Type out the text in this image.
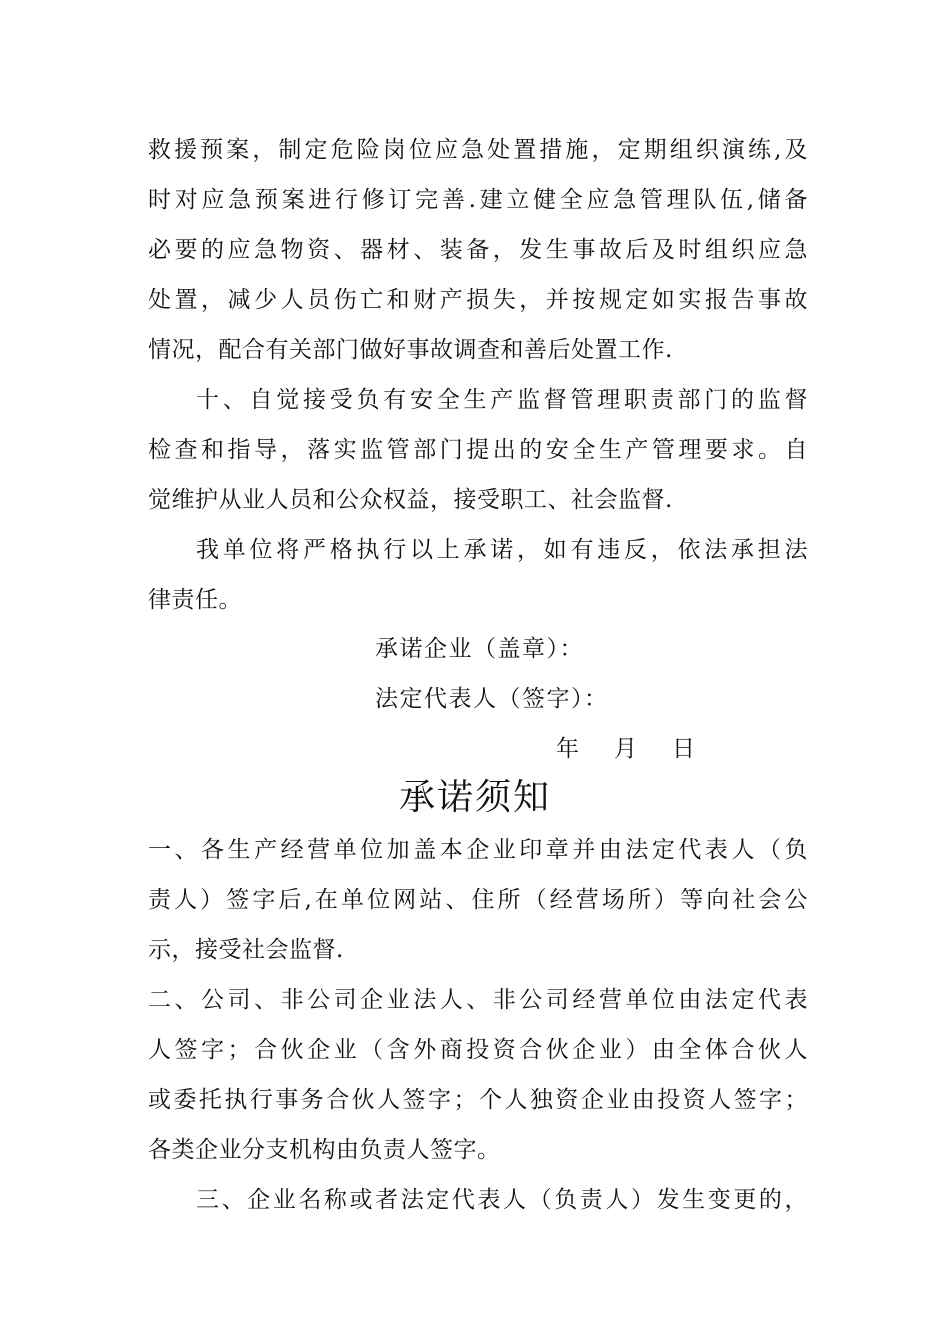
救援预案，制定危险岗位应急处置措施，定期组织演练,及
时对应急预案进行修订完善.建立健全应急管理队伍,储备
必要的应急物资、器材、装备，发生事故后及时组织应急
处置，减少人员伤亡和财产损失，并按规定如实报告事故
情况，配合有关部门做好事故调查和善后处置工作.
十、自觉接受负有安全生产监督管理职责部门的监督
检查和指导，落实监管部门提出的安全生产管理要求。自
觉维护从业人员和公众权益，接受职工、社会监督.
我单位将严格执行以上承诺，如有违反，依法承担法
律责任。
承诺企业（盖章）：
法定代表人（签字）：
年　月　日
承诺须知
一、各生产经营单位加盖本企业印章并由法定代表人（负
责人）签字后,在单位网站、住所（经营场所）等向社会公
示，接受社会监督.
二、公司、非公司企业法人、非公司经营单位由法定代表
人签字；合伙企业（含外商投资合伙企业）由全体合伙人
或委托执行事务合伙人签字；个人独资企业由投资人签字；
各类企业分支机构由负责人签字。
三、企业名称或者法定代表人（负责人）发生变更的，
